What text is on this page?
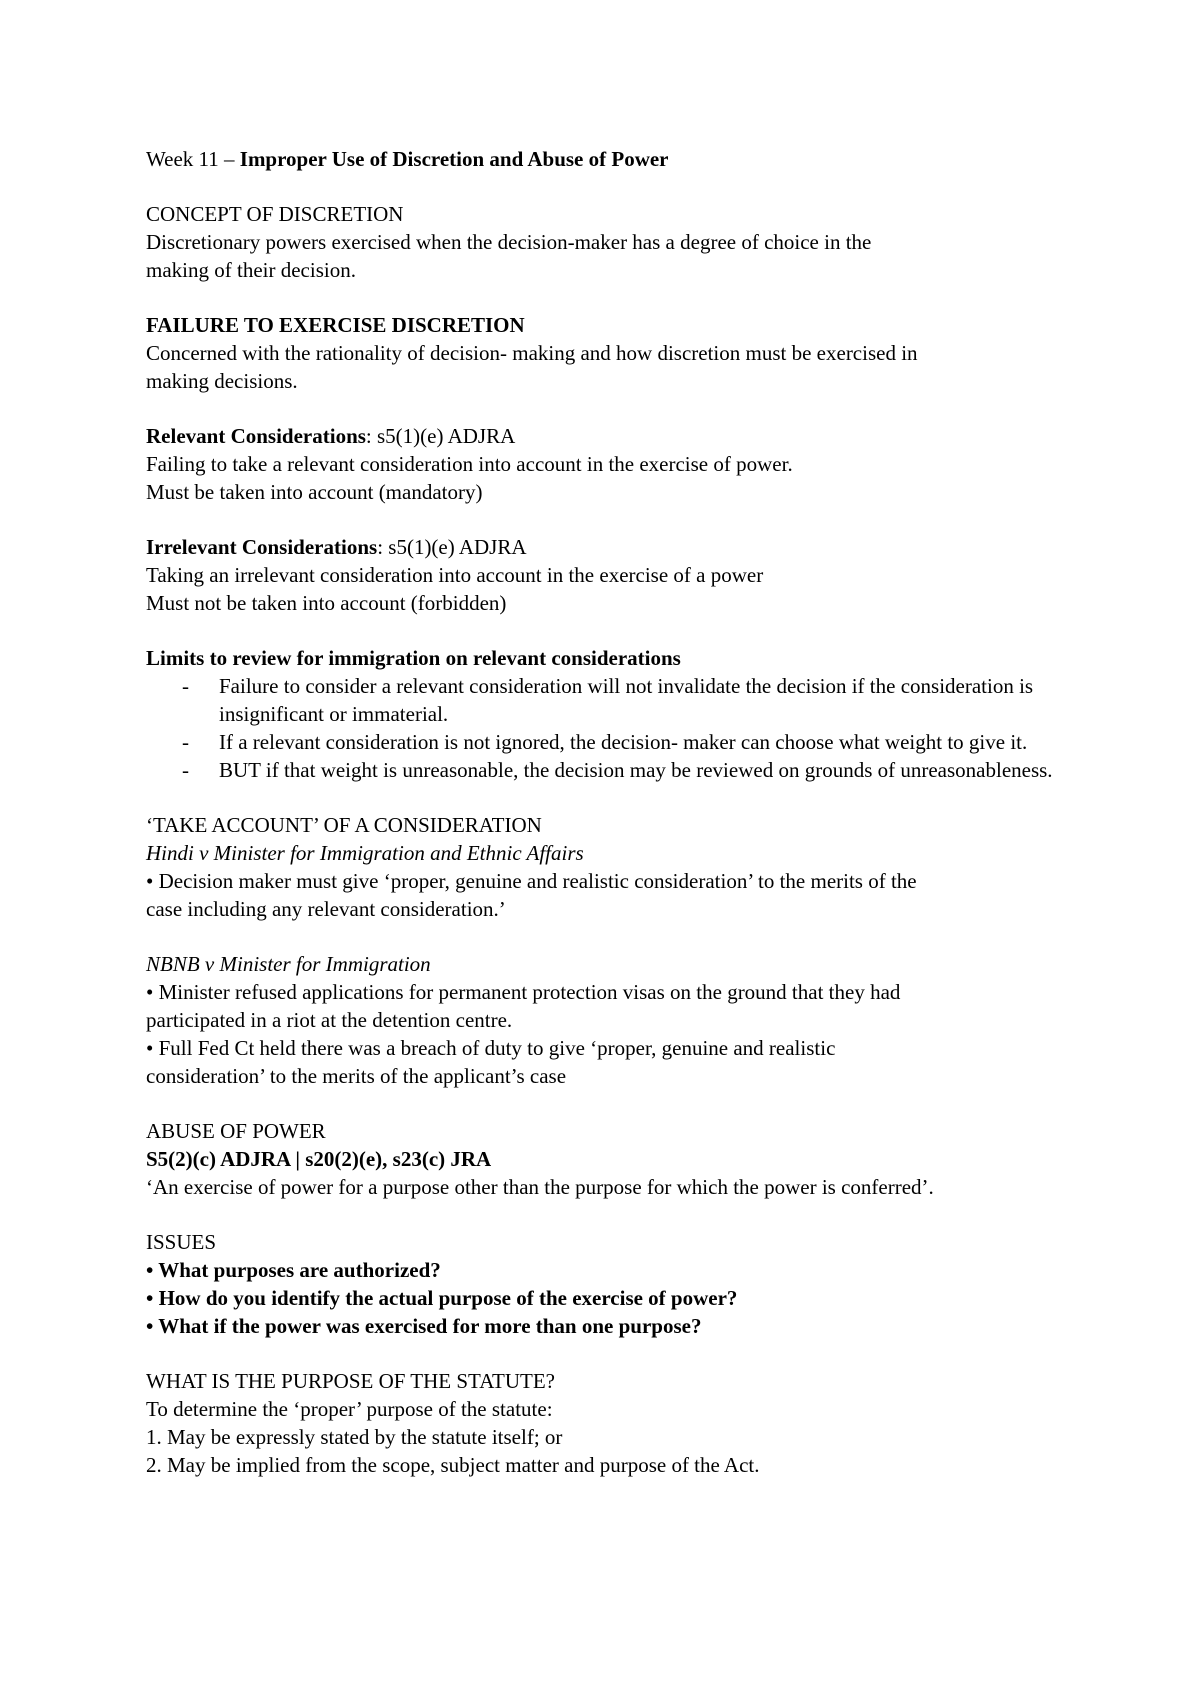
Week 11 – Improper Use of Discretion and Abuse of Power

CONCEPT OF DISCRETION

Discretionary powers exercised when the decision-maker has a degree of choice in the

making of their decision.

FAILURE TO EXERCISE DISCRETION

Concerned with the rationality of decision- making and how discretion must be exercised in

making decisions.

Relevant Considerations: s5(1)(e) ADJRA

Failing to take a relevant consideration into account in the exercise of power.

Must be taken into account (mandatory)

Irrelevant Considerations: s5(1)(e) ADJRA

Taking an irrelevant consideration into account in the exercise of a power

Must not be taken into account (forbidden)

Limits to review for immigration on relevant considerations

- Failure to consider a relevant consideration will not invalidate the decision if the consideration is insignificant or immaterial.
- If a relevant consideration is not ignored, the decision- maker can choose what weight to give it.
- BUT if that weight is unreasonable, the decision may be reviewed on grounds of unreasonableness.

‘TAKE ACCOUNT’ OF A CONSIDERATION

Hindi v Minister for Immigration and Ethnic Affairs

• Decision maker must give ‘proper, genuine and realistic consideration’ to the merits of the

case including any relevant consideration.’

NBNB v Minister for Immigration

• Minister refused applications for permanent protection visas on the ground that they had

participated in a riot at the detention centre.

• Full Fed Ct held there was a breach of duty to give ‘proper, genuine and realistic

consideration’ to the merits of the applicant’s case

ABUSE OF POWER

S5(2)(c) ADJRA | s20(2)(e), s23(c) JRA

‘An exercise of power for a purpose other than the purpose for which the power is conferred’.

ISSUES

• What purposes are authorized?

• How do you identify the actual purpose of the exercise of power?

• What if the power was exercised for more than one purpose?

WHAT IS THE PURPOSE OF THE STATUTE?

To determine the ‘proper’ purpose of the statute:

1. May be expressly stated by the statute itself; or

2. May be implied from the scope, subject matter and purpose of the Act.
